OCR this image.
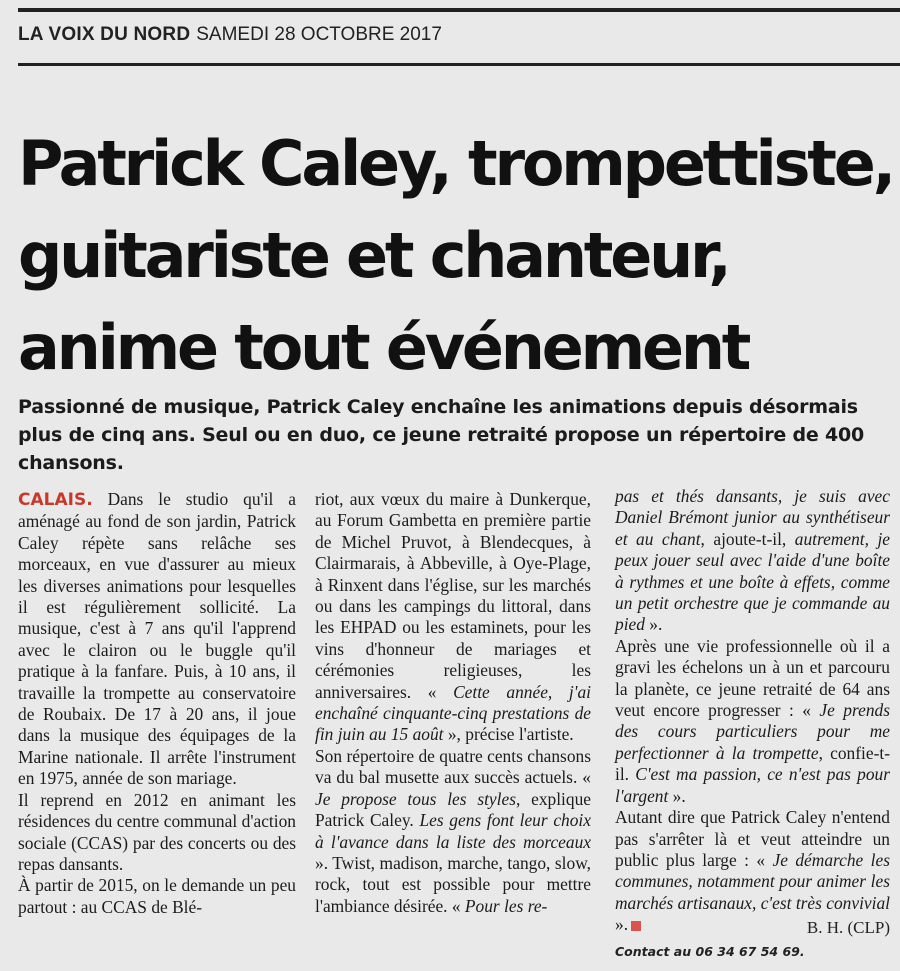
LA VOIX DU NORD SAMEDI 28 OCTOBRE 2017
Patrick Caley, trompettiste,
guitariste et chanteur,
anime tout événement
Passionné de musique, Patrick Caley enchaîne les animations depuis désormais plus de cinq ans. Seul ou en duo, ce jeune retraité propose un répertoire de 400 chansons.

CALAIS. Dans le studio qu'il a aménagé au fond de son jardin, Patrick Caley répète sans relâche ses morceaux, en vue d'assurer au mieux les diverses animations pour lesquelles il est régulièrement sollicité. La musique, c'est à 7 ans qu'il l'apprend avec le clairon ou le buggle qu'il pratique à la fanfare. Puis, à 10 ans, il travaille la trompette au conservatoire de Roubaix. De 17 à 20 ans, il joue dans la musique des équipages de la Marine nationale. Il arrête l'instrument en 1975, année de son mariage.

Il reprend en 2012 en animant les résidences du centre communal d'action sociale (CCAS) par des concerts ou des repas dansants.

À partir de 2015, on le demande un peu partout : au CCAS de Blé-

riot, aux vœux du maire à Dunkerque, au Forum Gambetta en première partie de Michel Pruvot, à Blendecques, à Clairmarais, à Abbeville, à Oye-Plage, à Rinxent dans l'église, sur les marchés ou dans les campings du littoral, dans les EHPAD ou les estaminets, pour les vins d'honneur de mariages et cérémonies religieuses, les anniversaires. « Cette année, j'ai enchaîné cinquante-cinq prestations de fin juin au 15 août », précise l'artiste.

Son répertoire de quatre cents chansons va du bal musette aux succès actuels. « Je propose tous les styles, explique Patrick Caley. Les gens font leur choix à l'avance dans la liste des morceaux ». Twist, madison, marche, tango, slow, rock, tout est possible pour mettre l'ambiance désirée. « Pour les re-

pas et thés dansants, je suis avec Daniel Brémont junior au synthétiseur et au chant, ajoute-t-il, autrement, je peux jouer seul avec l'aide d'une boîte à rythmes et une boîte à effets, comme un petit orchestre que je commande au pied ».

Après une vie professionnelle où il a gravi les échelons un à un et parcouru la planète, ce jeune retraité de 64 ans veut encore progresser : « Je prends des cours particuliers pour me perfectionner à la trompette, confie-t-il. C'est ma passion, ce n'est pas pour l'argent ».

Autant dire que Patrick Caley n'entend pas s'arrêter là et veut atteindre un public plus large : « Je démarche les communes, notamment pour animer les marchés artisanaux, c'est très convivial ».	B. H. (CLP)
Contact au 06 34 67 54 69.
